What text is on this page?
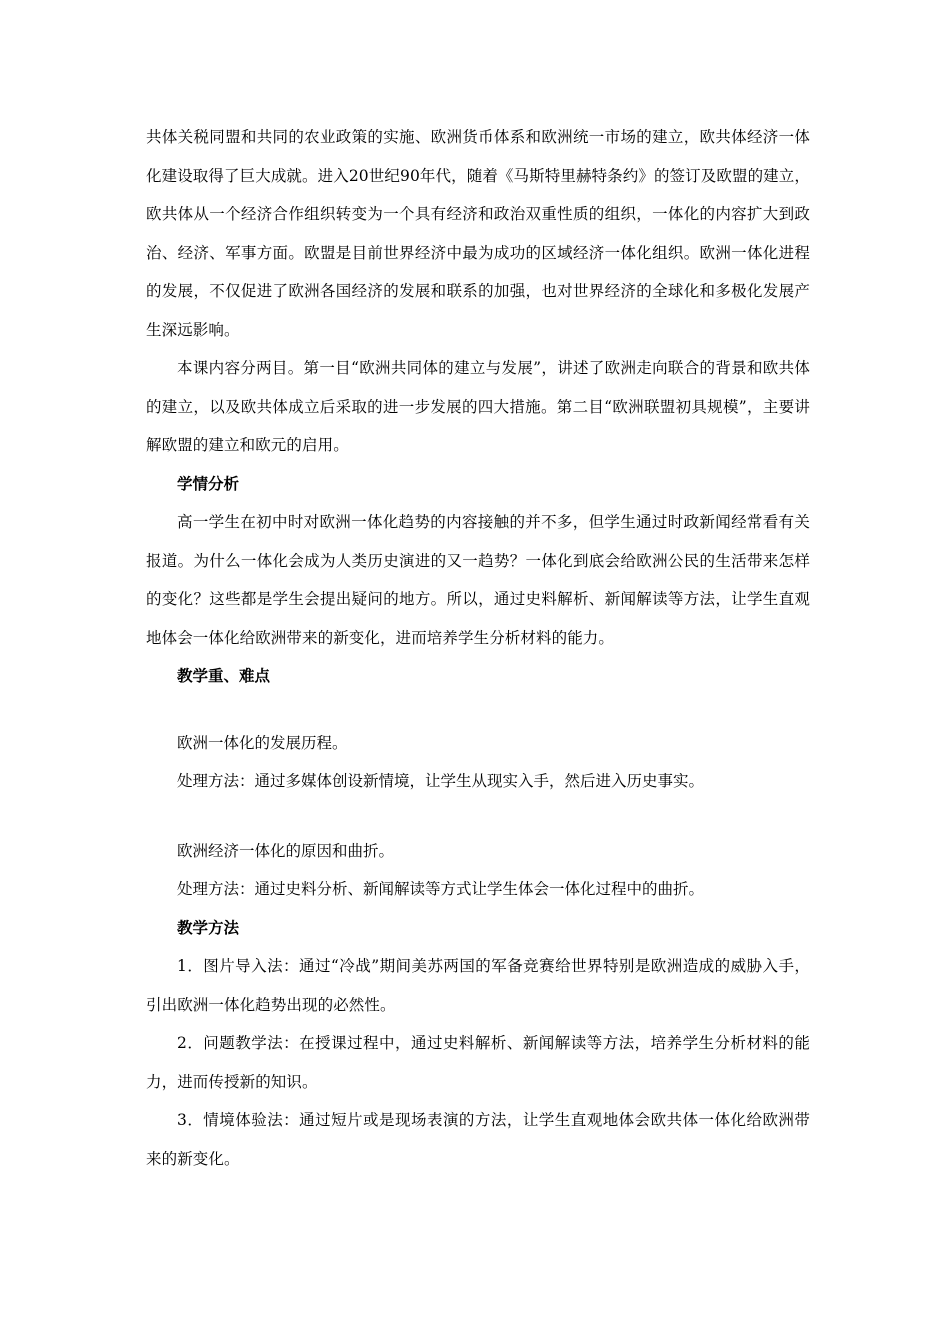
共体关税同盟和共同的农业政策的实施、欧洲货币体系和欧洲统一市场的建立，欧共体经济一体化建设取得了巨大成就。进入20世纪90年代，随着《马斯特里赫特条约》的签订及欧盟的建立，欧共体从一个经济合作组织转变为一个具有经济和政治双重性质的组织，一体化的内容扩大到政治、经济、军事方面。欧盟是目前世界经济中最为成功的区域经济一体化组织。欧洲一体化进程的发展，不仅促进了欧洲各国经济的发展和联系的加强，也对世界经济的全球化和多极化发展产生深远影响。

本课内容分两目。第一目“欧洲共同体的建立与发展”，讲述了欧洲走向联合的背景和欧共体的建立，以及欧共体成立后采取的进一步发展的四大措施。第二目“欧洲联盟初具规模”，主要讲解欧盟的建立和欧元的启用。

学情分析

高一学生在初中时对欧洲一体化趋势的内容接触的并不多，但学生通过时政新闻经常看有关报道。为什么一体化会成为人类历史演进的又一趋势？一体化到底会给欧洲公民的生活带来怎样的变化？这些都是学生会提出疑问的地方。所以，通过史料解析、新闻解读等方法，让学生直观地体会一体化给欧洲带来的新变化，进而培养学生分析材料的能力。

教学重、难点

欧洲一体化的发展历程。

处理方法：通过多媒体创设新情境，让学生从现实入手，然后进入历史事实。

欧洲经济一体化的原因和曲折。

处理方法：通过史料分析、新闻解读等方式让学生体会一体化过程中的曲折。

教学方法

1．图片导入法：通过“冷战”期间美苏两国的军备竞赛给世界特别是欧洲造成的威胁入手，引出欧洲一体化趋势出现的必然性。

2．问题教学法：在授课过程中，通过史料解析、新闻解读等方法，培养学生分析材料的能力，进而传授新的知识。

3．情境体验法：通过短片或是现场表演的方法，让学生直观地体会欧共体一体化给欧洲带来的新变化。
